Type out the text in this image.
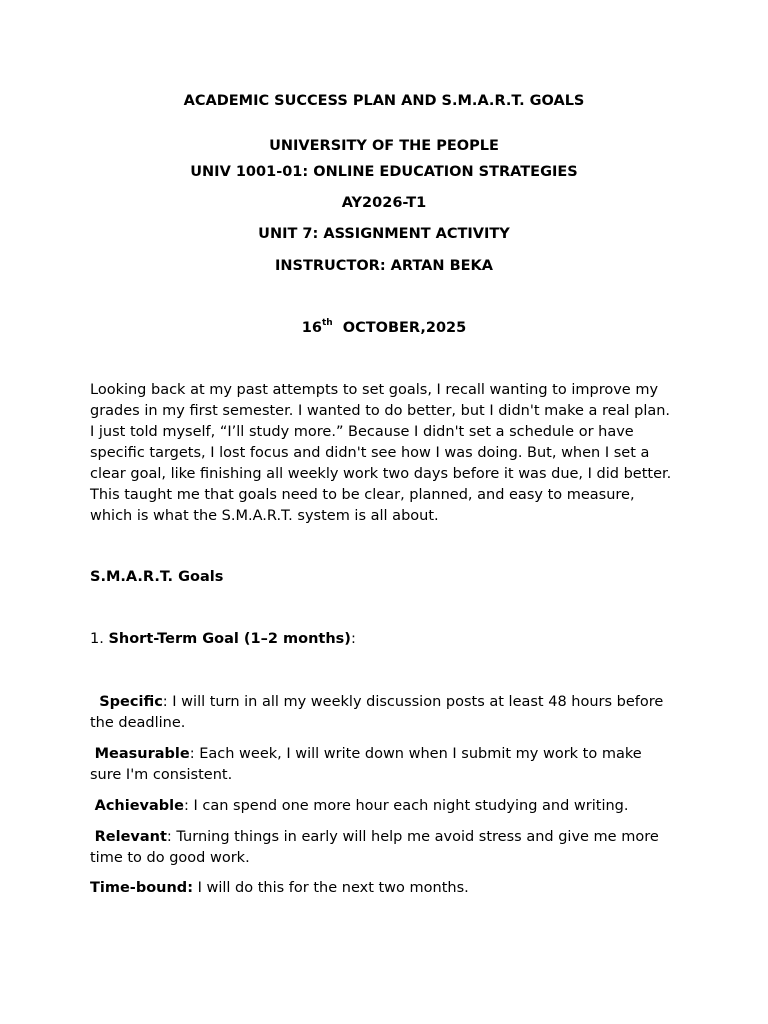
ACADEMIC SUCCESS PLAN AND S.M.A.R.T. GOALS
UNIVERSITY OF THE PEOPLE
UNIV 1001-01: ONLINE EDUCATION STRATEGIES
AY2026-T1
UNIT 7: ASSIGNMENT ACTIVITY
INSTRUCTOR: ARTAN BEKA
16th OCTOBER,2025
Looking back at my past attempts to set goals, I recall wanting to improve my grades in my first semester. I wanted to do better, but I didn't make a real plan. I just told myself, “I’ll study more.” Because I didn't set a schedule or have specific targets, I lost focus and didn't see how I was doing. But, when I set a clear goal, like finishing all weekly work two days before it was due, I did better. This taught me that goals need to be clear, planned, and easy to measure, which is what the S.M.A.R.T. system is all about.
S.M.A.R.T. Goals
1. Short-Term Goal (1–2 months):
Specific: I will turn in all my weekly discussion posts at least 48 hours before the deadline.
Measurable: Each week, I will write down when I submit my work to make sure I'm consistent.
Achievable: I can spend one more hour each night studying and writing.
Relevant: Turning things in early will help me avoid stress and give me more time to do good work.
Time-bound: I will do this for the next two months.
